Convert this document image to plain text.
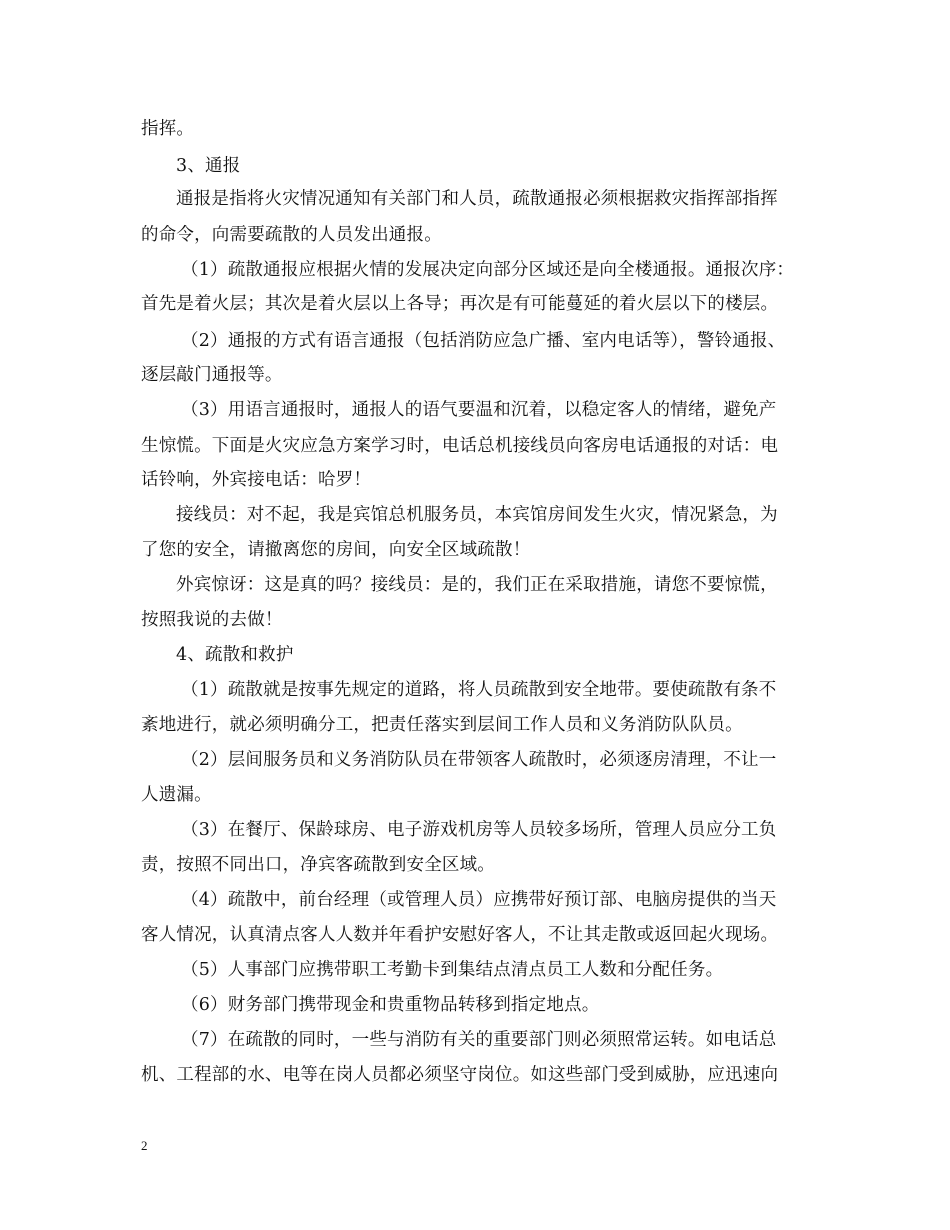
指挥。
3、通报
通报是指将火灾情况通知有关部门和人员，疏散通报必须根据救灾指挥部指挥
的命令，向需要疏散的人员发出通报。
（1）疏散通报应根据火情的发展决定向部分区域还是向全楼通报。通报次序：
首先是着火层；其次是着火层以上各导；再次是有可能蔓延的着火层以下的楼层。
（2）通报的方式有语言通报（包括消防应急广播、室内电话等），警铃通报、
逐层敲门通报等。
（3）用语言通报时，通报人的语气要温和沉着，以稳定客人的情绪，避免产
生惊慌。下面是火灾应急方案学习时，电话总机接线员向客房电话通报的对话：电
话铃响，外宾接电话：哈罗！
接线员：对不起，我是宾馆总机服务员，本宾馆房间发生火灾，情况紧急，为
了您的安全，请撤离您的房间，向安全区域疏散！
外宾惊讶：这是真的吗？接线员：是的，我们正在采取措施，请您不要惊慌，
按照我说的去做！
4、疏散和救护
（1）疏散就是按事先规定的道路，将人员疏散到安全地带。要使疏散有条不
紊地进行，就必须明确分工，把责任落实到层间工作人员和义务消防队队员。
（2）层间服务员和义务消防队员在带领客人疏散时，必须逐房清理，不让一
人遗漏。
（3）在餐厅、保龄球房、电子游戏机房等人员较多场所，管理人员应分工负
责，按照不同出口，净宾客疏散到安全区域。
（4）疏散中，前台经理（或管理人员）应携带好预订部、电脑房提供的当天
客人情况，认真清点客人人数并年看护安慰好客人，不让其走散或返回起火现场。
（5）人事部门应携带职工考勤卡到集结点清点员工人数和分配任务。
（6）财务部门携带现金和贵重物品转移到指定地点。
（7）在疏散的同时，一些与消防有关的重要部门则必须照常运转。如电话总
机、工程部的水、电等在岗人员都必须坚守岗位。如这些部门受到威胁，应迅速向
2
